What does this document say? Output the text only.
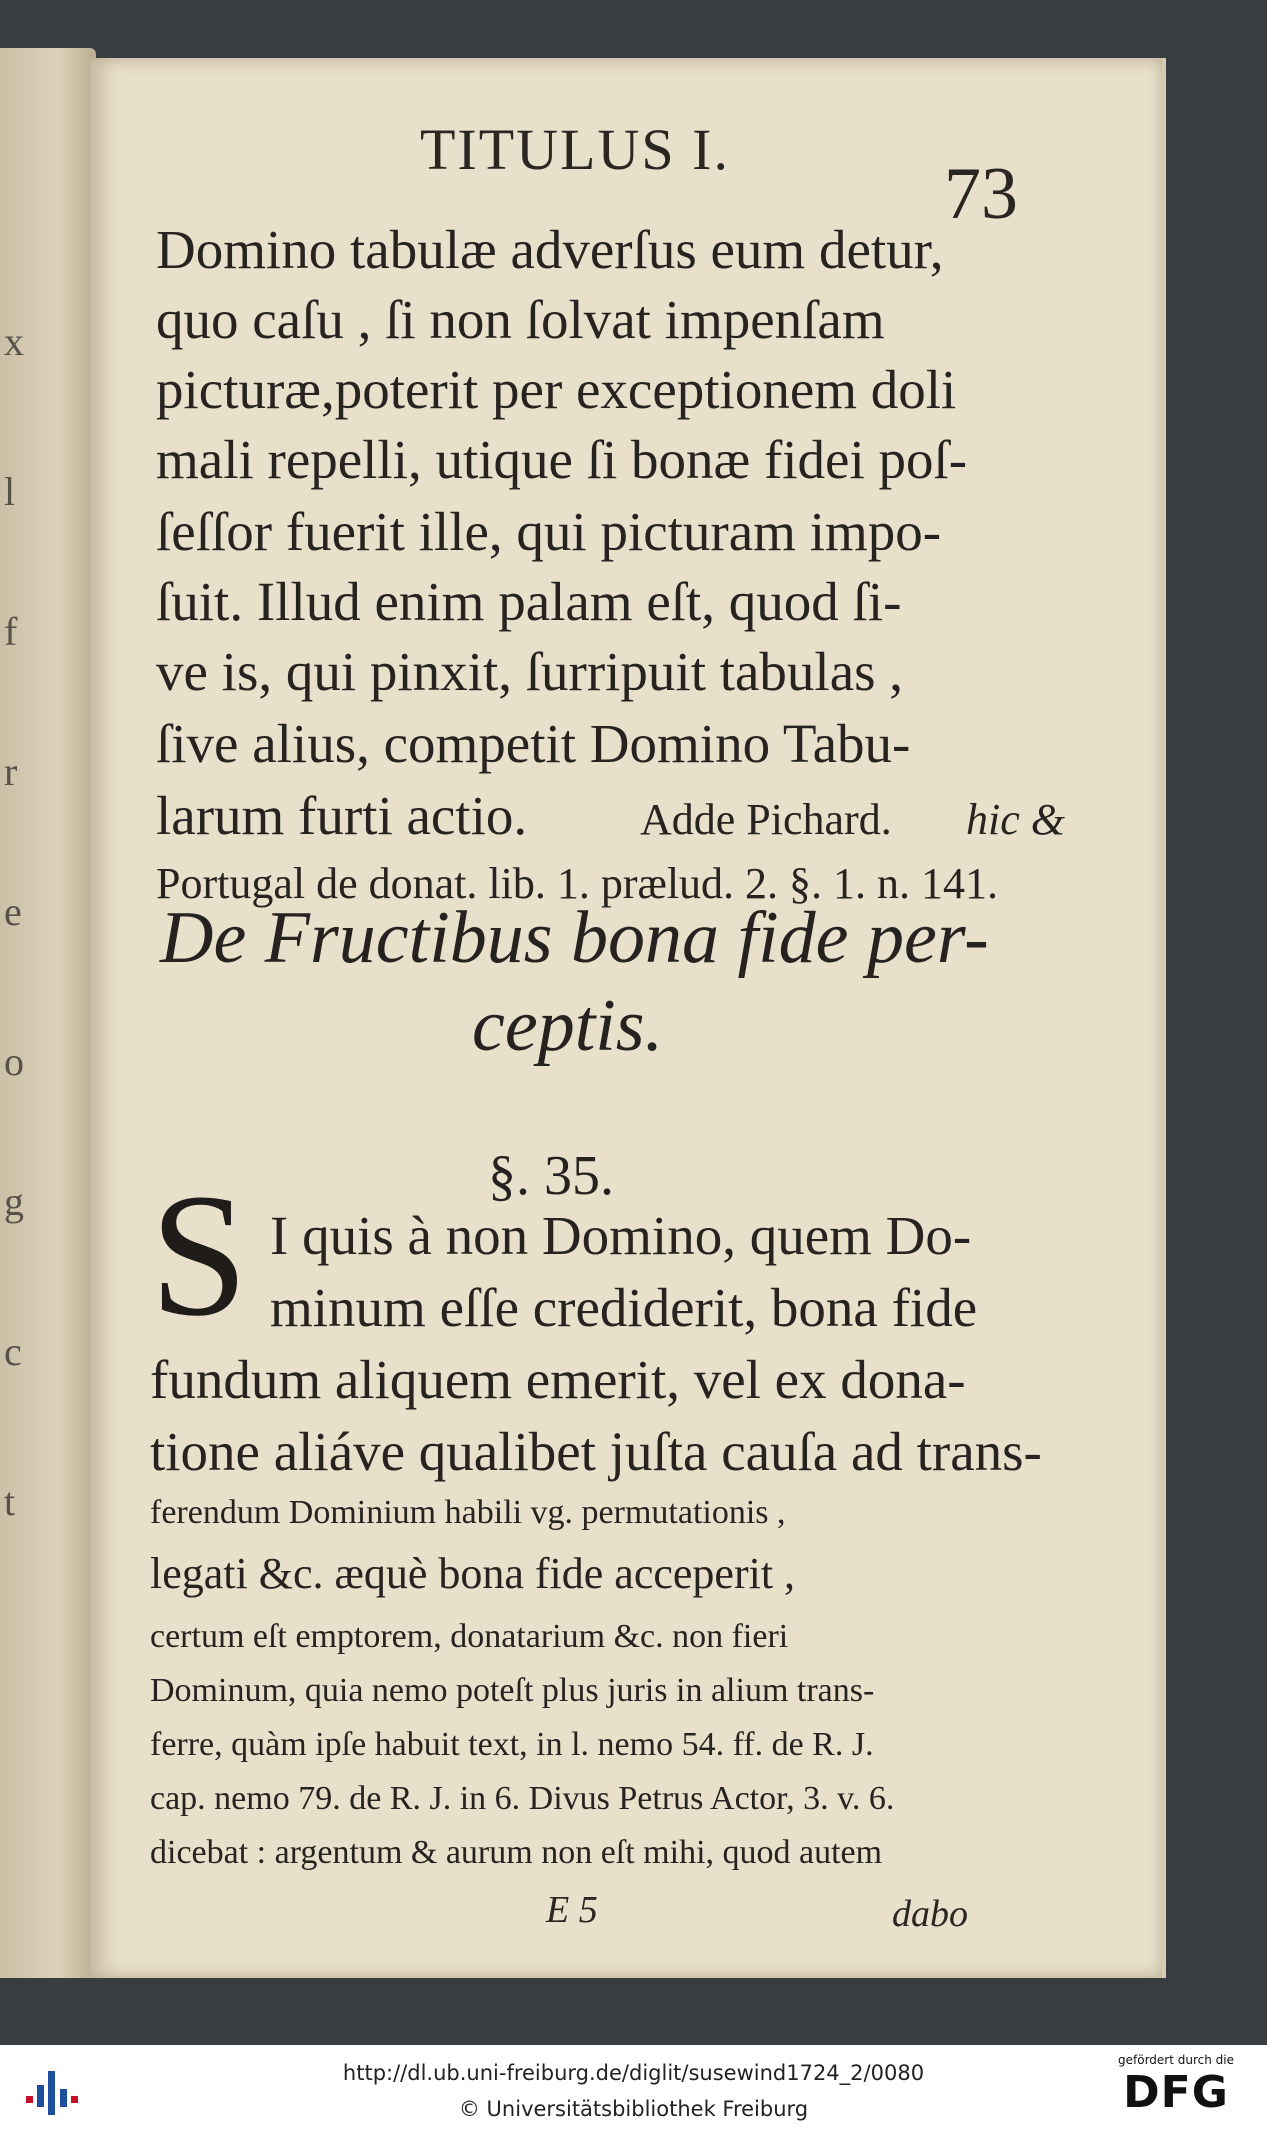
x
l
f
r
e
o
g
c
t
TITULUS I.
73
Domino tabulæ adverſus eum detur,
quo caſu , ſi non ſolvat impenſam
picturæ,poterit per exceptionem doli
mali repelli, utique ſi bonæ fidei poſ-
ſeſſor fuerit ille, qui picturam impo-
ſuit. Illud enim palam eſt, quod ſi-
ve is, qui pinxit, ſurripuit tabulas ,
ſive alius, competit Domino Tabu-
larum furti actio.	Adde Pichard. hic &
Portugal de donat. lib. 1. prælud. 2. §. 1. n. 141.
De Fructibus bona fide per-
ceptis.
§. 35.
S I quis à non Domino, quem Do-
minum eſſe crediderit, bona fide
fundum aliquem emerit, vel ex dona-
tione aliáve qualibet juſta cauſa ad trans-
ferendum Dominium habili vg. permutationis ,
legati &c. æquè bona fide acceperit ,
certum eſt emptorem, donatarium &c. non fieri
Dominum, quia nemo poteſt plus juris in alium trans-
ferre, quàm ipſe habuit text, in l. nemo 54. ff. de R. J.
cap. nemo 79. de R. J. in 6. Divus Petrus Actor, 3. v. 6.
dicebat : argentum & aurum non eſt mihi, quod autem
E 5	dabo
http://dl.ub.uni-freiburg.de/diglit/susewind1724_2/0080
© Universitätsbibliothek Freiburg
gefördert durch die
DFG
